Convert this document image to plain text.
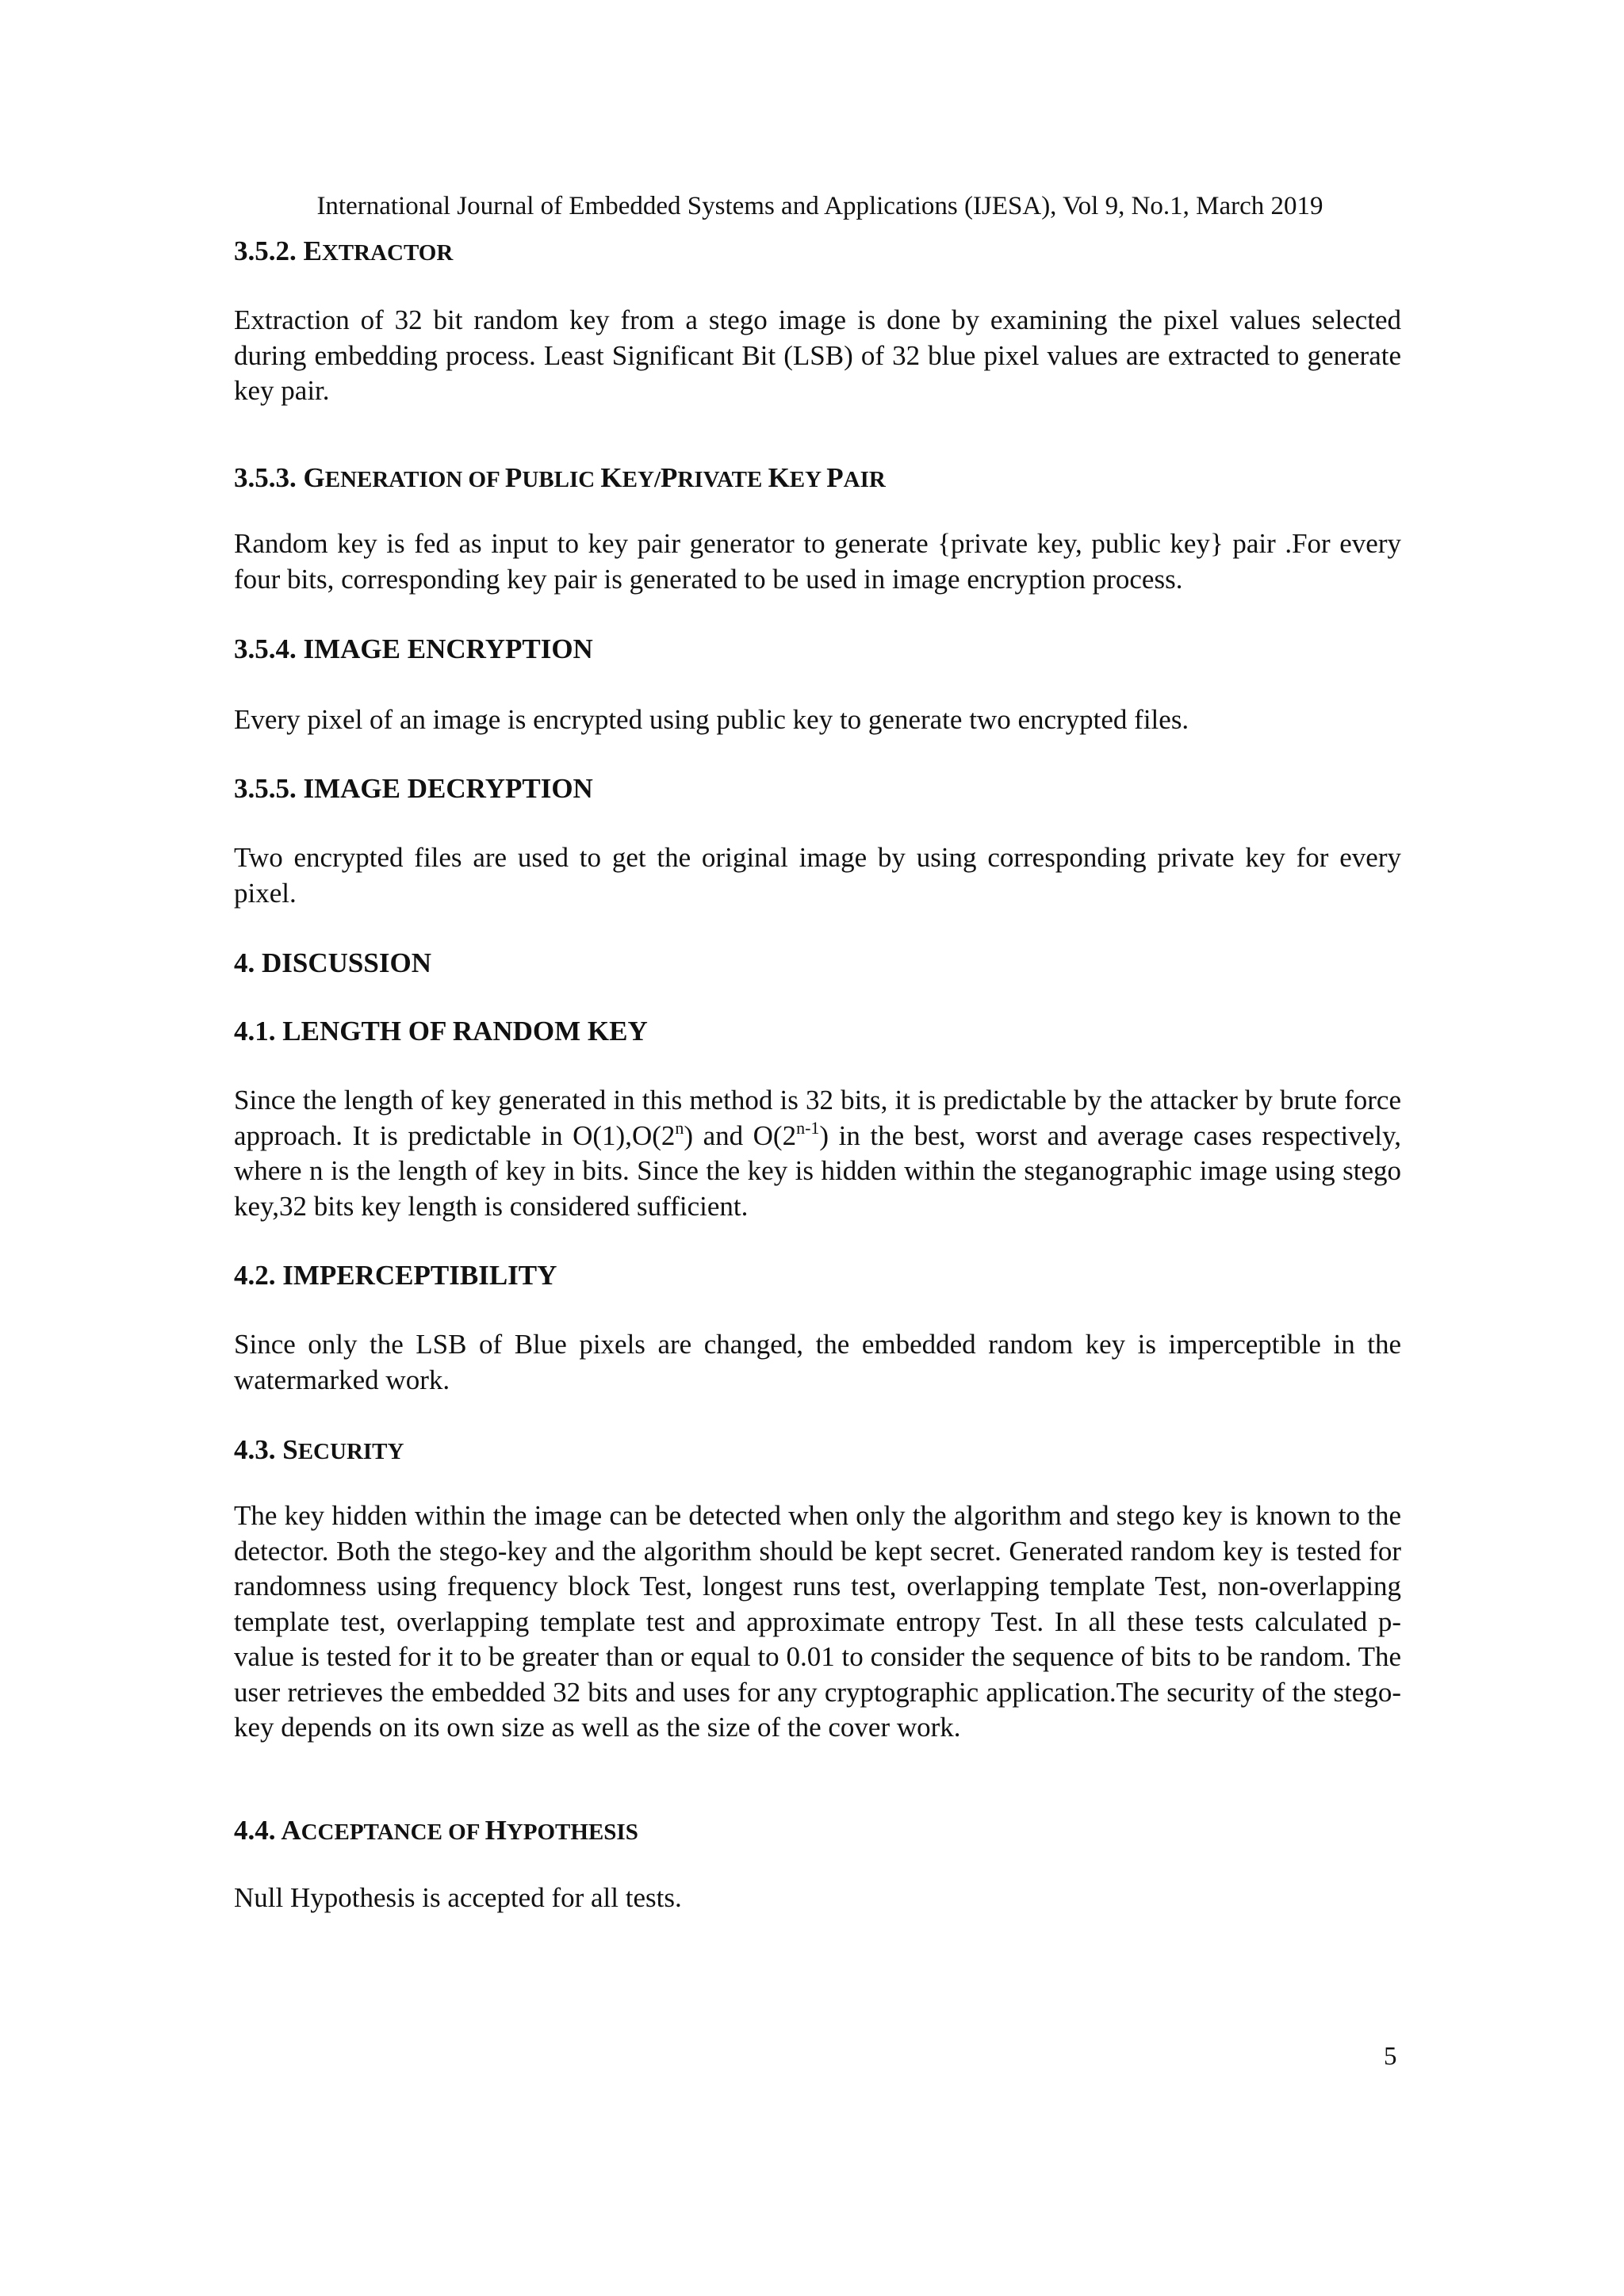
International Journal of Embedded Systems and Applications (IJESA), Vol 9, No.1, March 2019
3.5.2. EXTRACTOR

Extraction of 32 bit random key from a stego image is done by examining the pixel values selected during embedding process. Least Significant Bit (LSB) of 32 blue pixel values are extracted to generate key pair.

3.5.3. GENERATION OF PUBLIC KEY/PRIVATE KEY PAIR

Random key is fed as input to key pair generator to generate {private key, public key} pair .For every four bits, corresponding key pair is generated to be used in image encryption process.

3.5.4. IMAGE ENCRYPTION

Every pixel of an image is encrypted using public key to generate two encrypted files.

3.5.5. IMAGE DECRYPTION

Two encrypted files are used to get the original image by using corresponding private key for every pixel.

4. DISCUSSION
4.1. LENGTH OF RANDOM KEY

Since the length of key generated in this method is 32 bits, it is predictable by the attacker by brute force approach. It is predictable in O(1),O(2$^n$) and O(2$^{n-1}$) in the best, worst and average cases respectively, where n is the length of key in bits. Since the key is hidden within the steganographic image using stego key,32 bits key length is considered sufficient.

4.2. IMPERCEPTIBILITY

Since only the LSB of Blue pixels are changed, the embedded random key is imperceptible in the watermarked work.

4.3. SECURITY

The key hidden within the image can be detected when only the algorithm and stego key is known to the detector. Both the stego-key and the algorithm should be kept secret. Generated random key is tested for randomness using frequency block Test, longest runs test, overlapping template Test, non-overlapping template test, overlapping template test and approximate entropy Test. In all these tests calculated p-value is tested for it to be greater than or equal to 0.01 to consider the sequence of bits to be random. The user retrieves the embedded 32 bits and uses for any cryptographic application.The security of the stego-key depends on its own size as well as the size of the cover work.

4.4. ACCEPTANCE OF HYPOTHESIS

Null Hypothesis is accepted for all tests.

5
